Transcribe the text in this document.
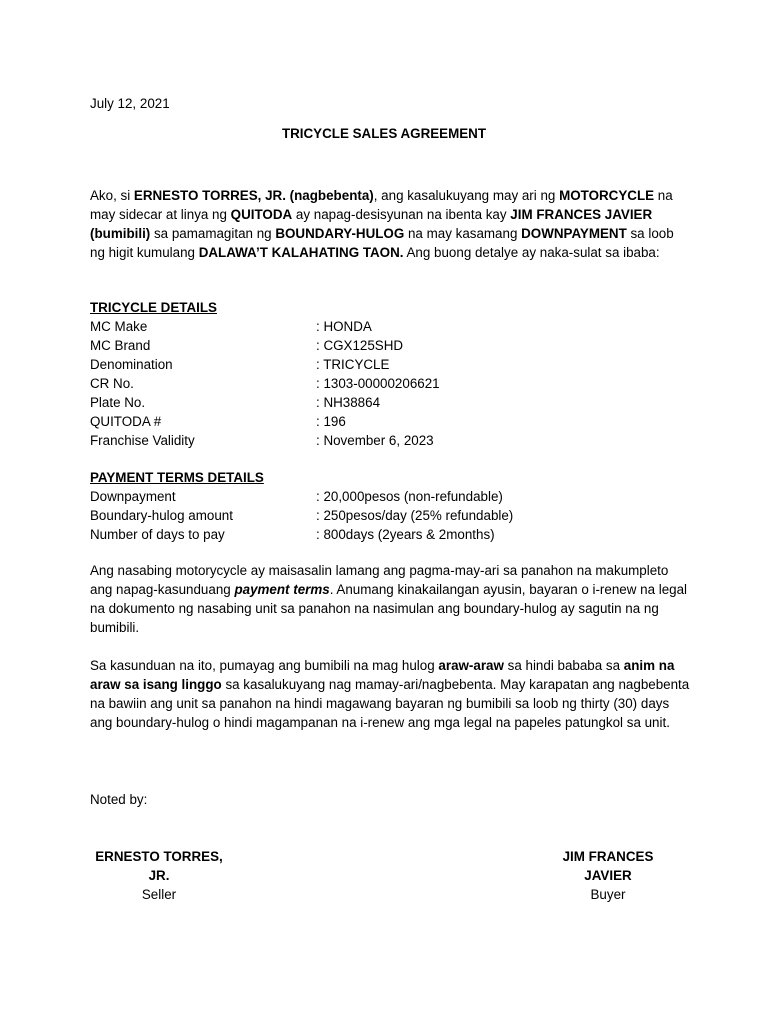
July 12, 2021
TRICYCLE SALES AGREEMENT

Ako, si ERNESTO TORRES, JR. (nagbebenta), ang kasalukuyang may ari ng MOTORCYCLE na may sidecar at linya ng QUITODA ay napag-desisyunan na ibenta kay JIM FRANCES JAVIER (bumibili) sa pamamagitan ng BOUNDARY-HULOG na may kasamang DOWNPAYMENT sa loob ng higit kumulang DALAWA’T KALAHATING TAON. Ang buong detalye ay naka-sulat sa ibaba:

TRICYCLE DETAILS
MC Make	: HONDA
MC Brand	: CGX125SHD
Denomination	: TRICYCLE
CR No.	: 1303-00000206621
Plate No.	: NH38864
QUITODA #	: 196
Franchise Validity	: November 6, 2023
PAYMENT TERMS DETAILS
Downpayment	: 20,000pesos (non-refundable)
Boundary-hulog amount	: 250pesos/day (25% refundable)
Number of days to pay	: 800days (2years & 2months)

Ang nasabing motorycycle ay maisasalin lamang ang pagma-may-ari sa panahon na makumpleto ang napag-kasunduang payment terms. Anumang kinakailangan ayusin, bayaran o i-renew na legal na dokumento ng nasabing unit sa panahon na nasimulan ang boundary-hulog ay sagutin na ng bumibili.

Sa kasunduan na ito, pumayag ang bumibili na mag hulog araw-araw sa hindi bababa sa anim na araw sa isang linggo sa kasalukuyang nag mamay-ari/nagbebenta. May karapatan ang nagbebenta na bawiin ang unit sa panahon na hindi magawang bayaran ng bumibili sa loob ng thirty (30) days ang boundary-hulog o hindi magampanan na i-renew ang mga legal na papeles patungkol sa unit.

Noted by:
ERNESTO TORRES, JR.
Seller
JIM FRANCES JAVIER
Buyer
